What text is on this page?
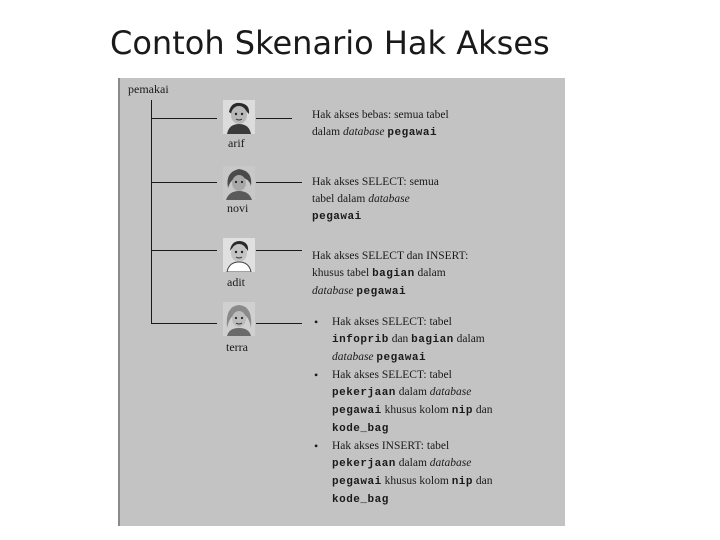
Contoh Skenario Hak Akses
pemakai
arif
novi
adit
terra
Hak akses bebas: semua tabel
dalam database pegawai
Hak akses SELECT: semua
tabel dalam database
pegawai
Hak akses SELECT dan INSERT:
khusus tabel bagian dalam
database pegawai
• Hak akses SELECT: tabel
infoprib dan bagian dalam
database pegawai
• Hak akses SELECT: tabel
pekerjaan dalam database
pegawai khusus kolom nip dan
kode_bag
• Hak akses INSERT: tabel
pekerjaan dalam database
pegawai khusus kolom nip dan
kode_bag
